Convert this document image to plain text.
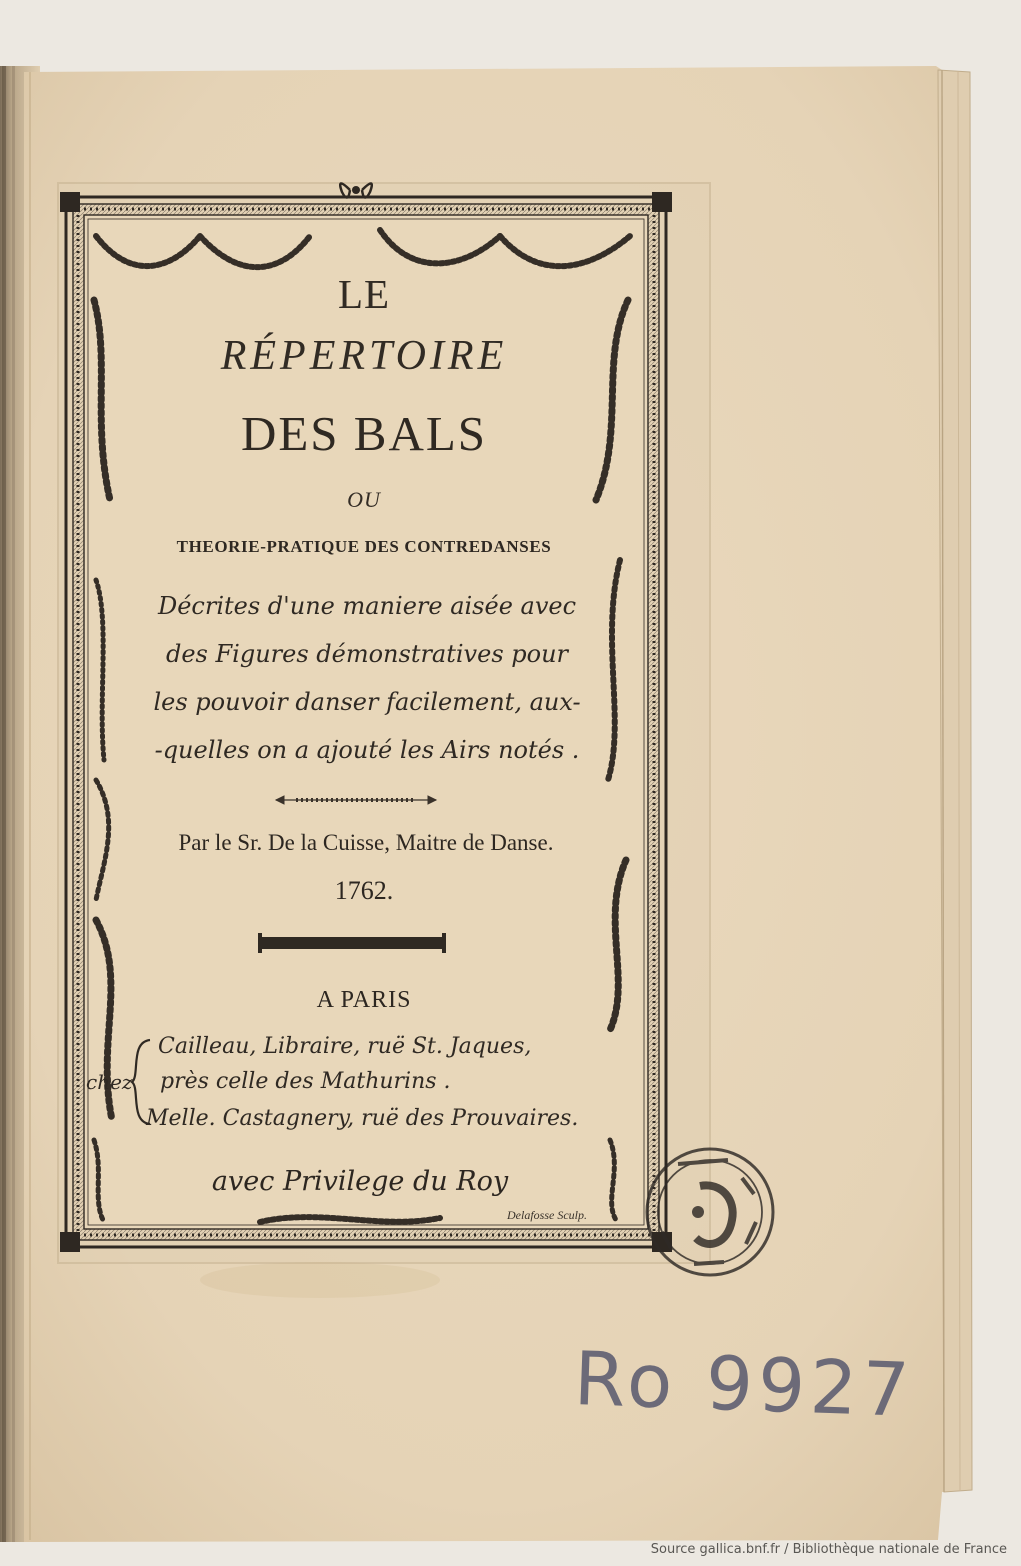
LE
RÉPERTOIRE
DES BALS
OU
THEORIE-PRATIQUE DES CONTREDANSES
Décrites d'une maniere aisée avec
des Figures démonstratives pour
les pouvoir danser facilement, aux-
-quelles on a ajouté les Airs notés .
Par le Sr. De la Cuisse, Maitre de Danse.
1762.
A PARIS
chez
Cailleau, Libraire, ruë St. Jaques,
près celle des Mathurins .
Melle. Castagnery, ruë des Prouvaires.
avec Privilege du Roy
Delafosse Sculp.
Ro 9927
Source gallica.bnf.fr / Bibliothèque nationale de France
